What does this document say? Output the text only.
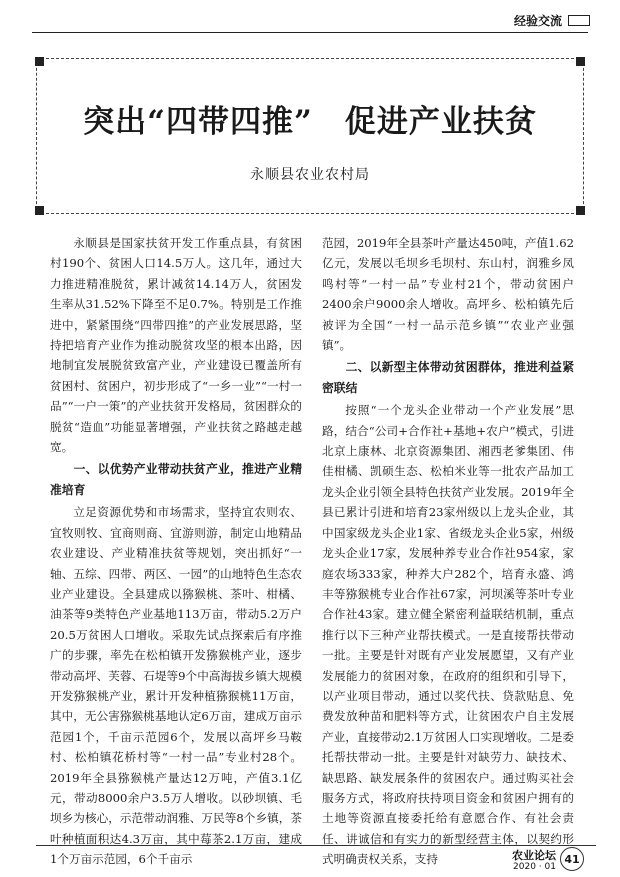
经验交流
突出“四带四推”　促进产业扶贫
永顺县农业农村局

永顺县是国家扶贫开发工作重点县，有贫困村190个、贫困人口14.5万人。这几年，通过大力推进精准脱贫，累计减贫14.14万人，贫困发生率从31.52%下降至不足0.7%。特别是工作推进中，紧紧围绕“四带四推”的产业发展思路，坚持把培育产业作为推动脱贫攻坚的根本出路，因地制宜发展脱贫致富产业，产业建设已覆盖所有贫困村、贫困户，初步形成了“一乡一业”“一村一品”“一户一策”的产业扶贫开发格局，贫困群众的脱贫“造血”功能显著增强，产业扶贫之路越走越宽。

一、以优势产业带动扶贫产业，推进产业精准培育

立足资源优势和市场需求，坚持宜农则农、宜牧则牧、宜商则商、宜游则游，制定山地精品农业建设、产业精准扶贫等规划，突出抓好“一轴、五综、四带、两区、一园”的山地特色生态农业产业建设。全县建成以猕猴桃、茶叶、柑橘、油茶等9类特色产业基地113万亩，带动5.2万户20.5万贫困人口增收。采取先试点探索后有序推广的步骤，率先在松柏镇开发猕猴桃产业，逐步带动高坪、芙蓉、石堤等9个中高海拔乡镇大规模开发猕猴桃产业，累计开发种植猕猴桃11万亩，其中，无公害猕猴桃基地认定6万亩，建成万亩示范园1个，千亩示范园6个，发展以高坪乡马鞍村、松柏镇花桥村等“一村一品”专业村28个。2019年全县猕猴桃产量达12万吨，产值3.1亿元，带动8000余户3.5万人增收。以砂坝镇、毛坝乡为核心，示范带动润雅、万民等8个乡镇，茶叶种植面积达4.3万亩，其中莓茶2.1万亩，建成1个万亩示范园，6个千亩示

范园，2019年全县茶叶产量达450吨，产值1.62亿元，发展以毛坝乡毛坝村、东山村，润雅乡凤鸣村等“一村一品”专业村21个，带动贫困户2400余户9000余人增收。高坪乡、松柏镇先后被评为全国“一村一品示范乡镇”“农业产业强镇”。

二、以新型主体带动贫困群体，推进利益紧密联结

按照“一个龙头企业带动一个产业发展”思路，结合“公司+合作社+基地+农户”模式，引进北京上康林、北京资源集团、湘西老爹集团、伟佳柑橘、凯硕生态、松柏米业等一批农产品加工龙头企业引领全县特色扶贫产业发展。2019年全县已累计引进和培育23家州级以上龙头企业，其中国家级龙头企业1家、省级龙头企业5家，州级龙头企业17家，发展种养专业合作社954家，家庭农场333家，种养大户282个，培育永盛、鸿丰等猕猴桃专业合作社67家，河坝溪等茶叶专业合作社43家。建立健全紧密利益联结机制，重点推行以下三种产业帮扶模式。一是直接帮扶带动一批。主要是针对既有产业发展愿望，又有产业发展能力的贫困对象，在政府的组织和引导下，以产业项目带动，通过以奖代扶、贷款贴息、免费发放种苗和肥料等方式，让贫困农户自主发展产业，直接带动2.1万贫困人口实现增收。二是委托帮扶带动一批。主要是针对缺劳力、缺技术、缺思路、缺发展条件的贫困农户。通过购买社会服务方式，将政府扶持项目资金和贫困户拥有的土地等资源直接委托给有意愿合作、有社会责任、讲诚信和有实力的新型经营主体，以契约形式明确责权关系，支持	农业论坛
2020 · 01
41
